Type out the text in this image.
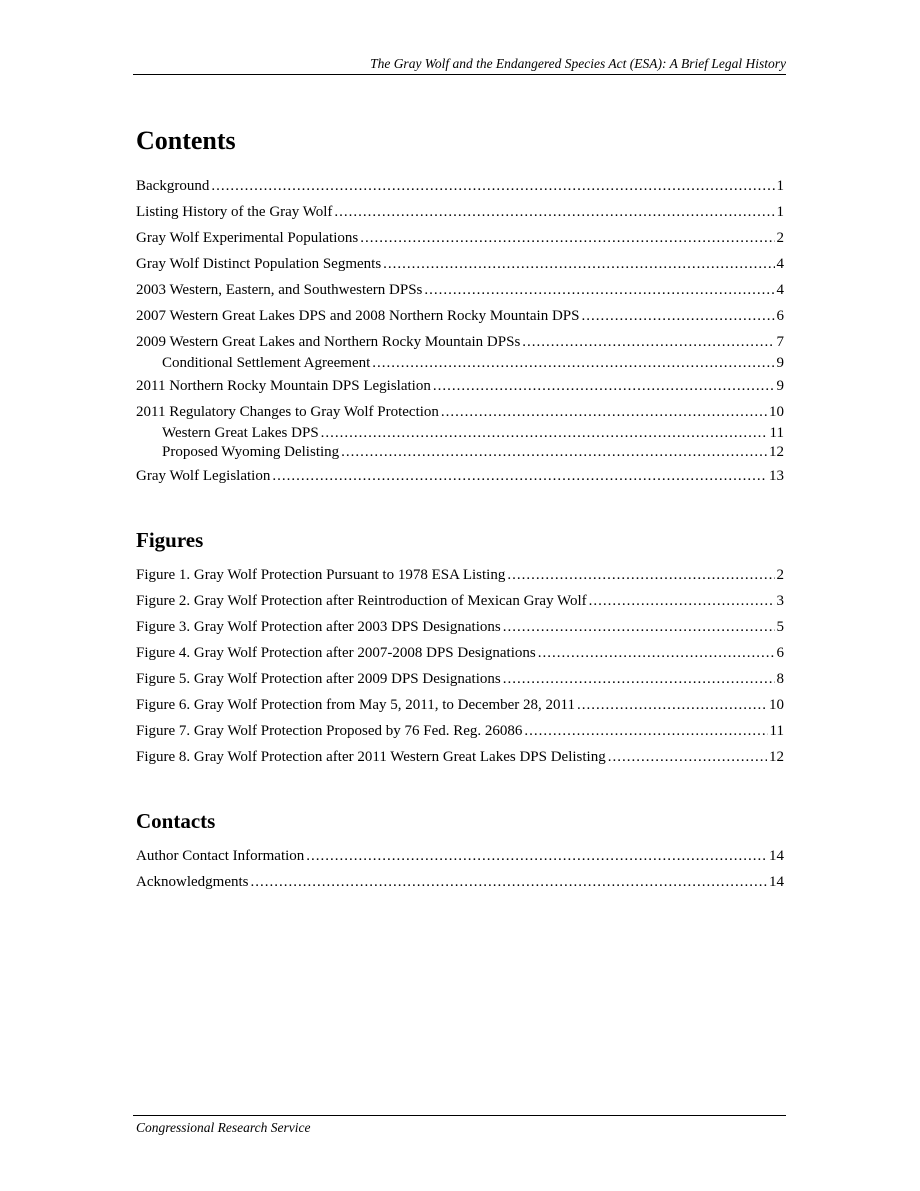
The Gray Wolf and the Endangered Species Act (ESA): A Brief Legal History
Contents
Background .....	1
Listing History of the Gray Wolf .....	1
Gray Wolf Experimental Populations .....	2
Gray Wolf Distinct Population Segments .....	4
2003 Western, Eastern, and Southwestern DPSs .....	4
2007 Western Great Lakes DPS and 2008 Northern Rocky Mountain DPS .....	6
2009 Western Great Lakes and Northern Rocky Mountain DPSs .....	7
Conditional Settlement Agreement .....	9
2011 Northern Rocky Mountain DPS Legislation .....	9
2011 Regulatory Changes to Gray Wolf Protection .....	10
Western Great Lakes DPS .....	11
Proposed Wyoming Delisting .....	12
Gray Wolf Legislation .....	13
Figures
Figure 1. Gray Wolf Protection Pursuant to 1978 ESA Listing .....	2
Figure 2. Gray Wolf Protection after Reintroduction of Mexican Gray Wolf .....	3
Figure 3. Gray Wolf Protection after 2003 DPS Designations .....	5
Figure 4. Gray Wolf Protection after 2007-2008 DPS Designations .....	6
Figure 5. Gray Wolf Protection after 2009 DPS Designations .....	8
Figure 6. Gray Wolf Protection from May 5, 2011, to December 28, 2011 .....	10
Figure 7. Gray Wolf Protection Proposed by 76 Fed. Reg. 26086 .....	11
Figure 8. Gray Wolf Protection after 2011 Western Great Lakes DPS Delisting .....	12
Contacts
Author Contact Information .....	14
Acknowledgments .....	14
Congressional Research Service
